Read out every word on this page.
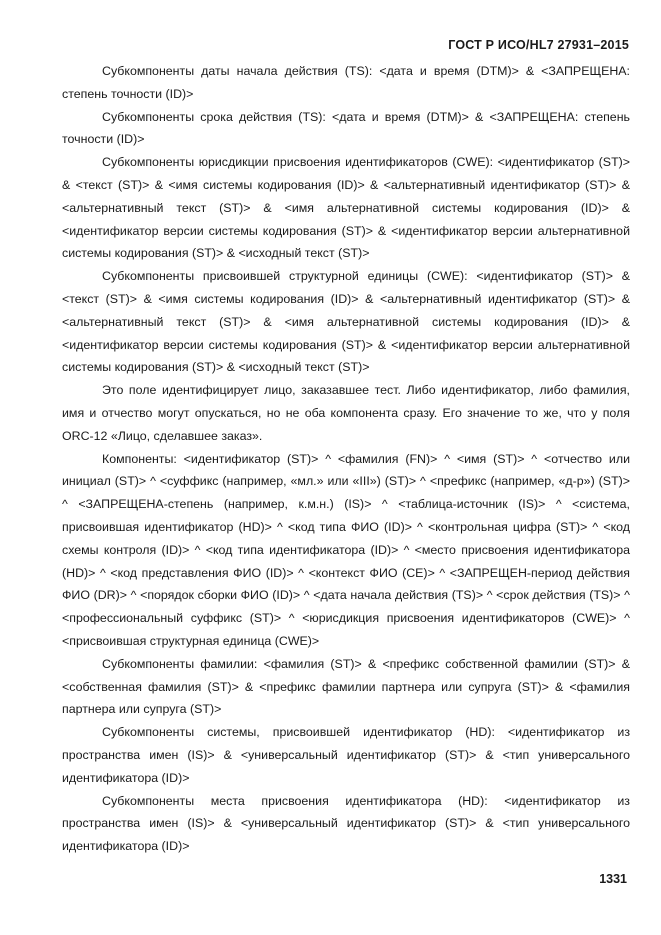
ГОСТ Р ИСО/HL7 27931–2015

Субкомпоненты даты начала действия (TS): <дата и время (DTM)> & <ЗАПРЕЩЕНА: степень точности (ID)>

Субкомпоненты срока действия (TS): <дата и время (DTM)> & <ЗАПРЕЩЕНА: степень точности (ID)>

Субкомпоненты юрисдикции присвоения идентификаторов (CWE): <идентификатор (ST)> & <текст (ST)> & <имя системы кодирования (ID)> & <альтернативный идентификатор (ST)> & <альтернативный текст (ST)> & <имя альтернативной системы кодирования (ID)> & <идентификатор версии системы кодирования (ST)> & <идентификатор версии альтернативной системы кодирования (ST)> & <исходный текст (ST)>

Субкомпоненты присвоившей структурной единицы (CWE): <идентификатор (ST)> & <текст (ST)> & <имя системы кодирования (ID)> & <альтернативный идентификатор (ST)> & <альтернативный текст (ST)> & <имя альтернативной системы кодирования (ID)> & <идентификатор версии системы кодирования (ST)> & <идентификатор версии альтернативной системы кодирования (ST)> & <исходный текст (ST)>

Это поле идентифицирует лицо, заказавшее тест. Либо идентификатор, либо фамилия, имя и отчество могут опускаться, но не оба компонента сразу. Его значение то же, что у поля ORC-12 «Лицо, сделавшее заказ».

Компоненты: <идентификатор (ST)> ^ <фамилия (FN)> ^ <имя (ST)> ^ <отчество или инициал (ST)> ^ <суффикс (например, «мл.» или «III») (ST)> ^ <префикс (например, «д-р») (ST)> ^ <ЗАПРЕЩЕНА-степень (например, к.м.н.) (IS)> ^ <таблица-источник (IS)> ^ <система, присвоившая идентификатор (HD)> ^ <код типа ФИО (ID)> ^ <контрольная цифра (ST)> ^ <код схемы контроля (ID)> ^ <код типа идентификатора (ID)> ^ <место присвоения идентификатора (HD)> ^ <код представления ФИО (ID)> ^ <контекст ФИО (CE)> ^ <ЗАПРЕЩЕН-период действия ФИО (DR)> ^ <порядок сборки ФИО (ID)> ^ <дата начала действия (TS)> ^ <срок действия (TS)> ^ <профессиональный суффикс (ST)> ^ <юрисдикция присвоения идентификаторов (CWE)> ^ <присвоившая структурная единица (CWE)>

Субкомпоненты фамилии: <фамилия (ST)> & <префикс собственной фамилии (ST)> & <собственная фамилия (ST)> & <префикс фамилии партнера или супруга (ST)> & <фамилия партнера или супруга (ST)>

Субкомпоненты системы, присвоившей идентификатор (HD): <идентификатор из пространства имен (IS)> & <универсальный идентификатор (ST)> & <тип универсального идентификатора (ID)>

Субкомпоненты места присвоения идентификатора (HD): <идентификатор из пространства имен (IS)> & <универсальный идентификатор (ST)> & <тип универсального идентификатора (ID)>

1331
